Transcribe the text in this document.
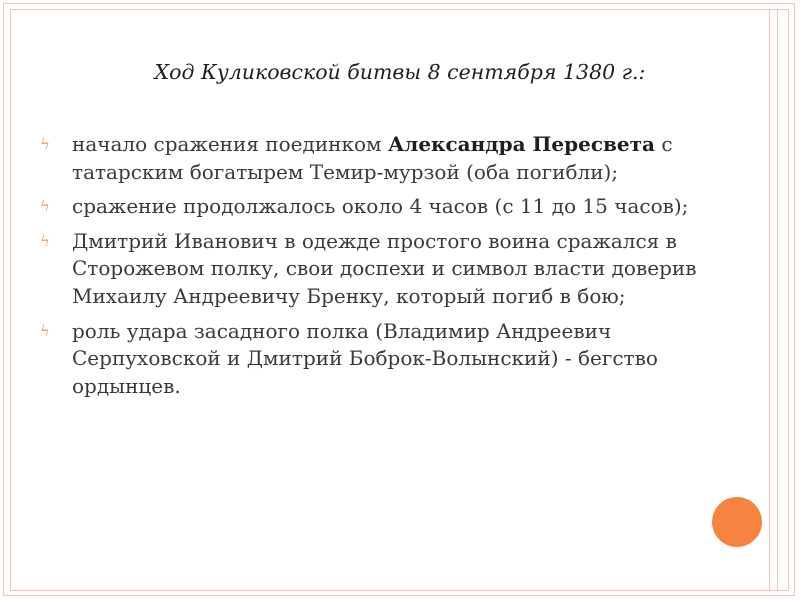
Ход Куликовской битвы 8 сентября 1380 г.:
ϟ начало сражения поединком Александра Пересвета с татарским богатырем Темир-мурзой (оба погибли);
ϟ сражение продолжалось около 4 часов (с 11 до 15 часов);
ϟ Дмитрий Иванович в одежде простого воина сражался в Сторожевом полку, свои доспехи и символ власти доверив Михаилу Андреевичу Бренку, который погиб в бою;
ϟ роль удара засадного полка (Владимир Андреевич Серпуховской и Дмитрий Боброк-Волынский) - бегство ордынцев.
